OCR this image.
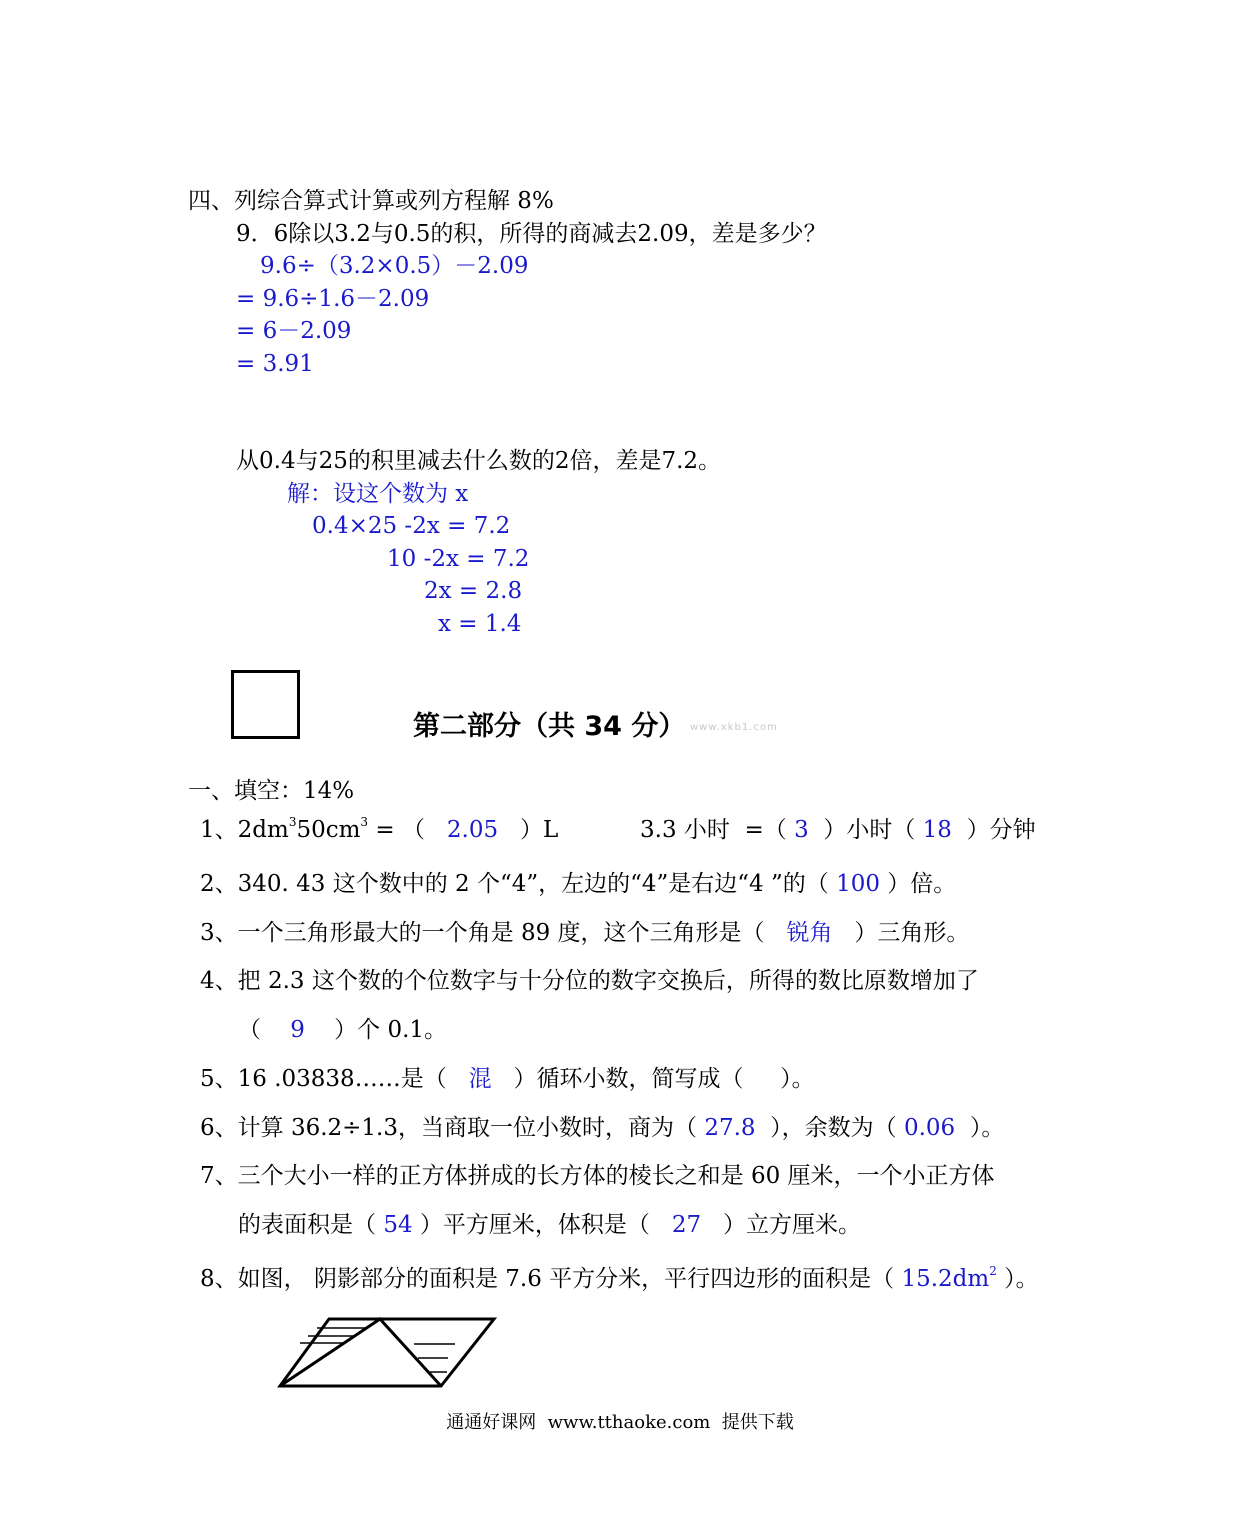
四、列综合算式计算或列方程解 8%
9．6除以3.2与0.5的积，所得的商减去2.09，差是多少？
9.6÷（3.2×0.5）－2.09
= 9.6÷1.6－2.09
= 6－2.09
= 3.91
从0.4与25的积里减去什么数的2倍，差是7.2。
解：设这个数为 x
0.4×25 -2x = 7.2
10 -2x = 7.2
2x = 2.8
x = 1.4
第二部分（共 34 分） www.xkb1.com
一、填空：14%
1、$2dm^350cm^3$ = （   2.05   ）L	3.3 小时  =（ 3  ）小时（ 18  ）分钟
2、340. 43 这个数中的 2 个“4”，左边的“4”是右边“4 ”的（ 100 ）倍。
3、一个三角形最大的一个角是 89 度，这个三角形是（   锐角   ）三角形。
4、把 2.3 这个数的个位数字与十分位的数字交换后，所得的数比原数增加了
（    9    ）个 0.1。
5、16 .03838……是（   混   ）循环小数，简写成（     ）。
6、计算 36.2÷1.3，当商取一位小数时，商为（ 27.8  ），余数为（ 0.06  ）。
7、三个大小一样的正方体拼成的长方体的棱长之和是 60 厘米，一个小正方体
的表面积是（ 54 ）平方厘米，体积是（   27   ）立方厘米。
8、如图， 阴影部分的面积是 7.6 平方分米，平行四边形的面积是（ $15.2dm^2$ ）。
通通好课网  www.tthaoke.com  提供下载
